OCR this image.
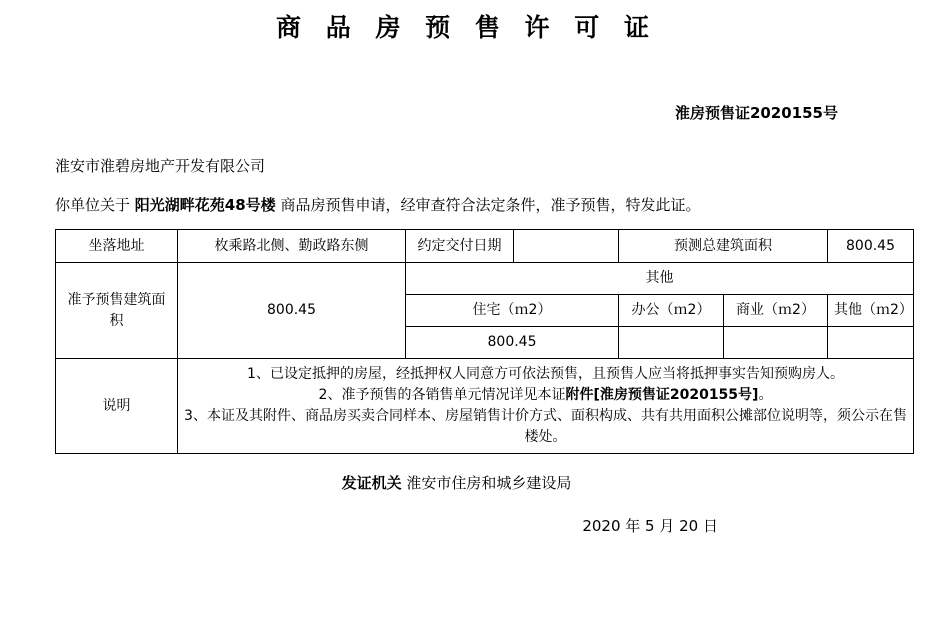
商 品 房 预 售 许 可 证
淮房预售证2020155号
淮安市淮碧房地产开发有限公司
你单位关于 阳光湖畔花苑48号楼 商品房预售申请，经审查符合法定条件，准予预售，特发此证。
坐落地址	枚乘路北侧、勤政路东侧	约定交付日期		预测总建筑面积		800.45
准予预售建筑面积	800.45	其他				
		住宅（ｍ2）		办公（ｍ2）	商业（ｍ2）	其他（ｍ2）
		800.45				
说明	1、已设定抵押的房屋，经抵押权人同意方可依法预售，且预售人应当将抵押事实告知预购房人。
2、准予预售的各销售单元情况详见本证附件[淮房预售证2020155号]。
3、本证及其附件、商品房买卖合同样本、房屋销售计价方式、面积构成、共有共用面积公摊部位说明等，须公示在售楼处。					
发证机关 淮安市住房和城乡建设局
2020 年 5 月 20 日
